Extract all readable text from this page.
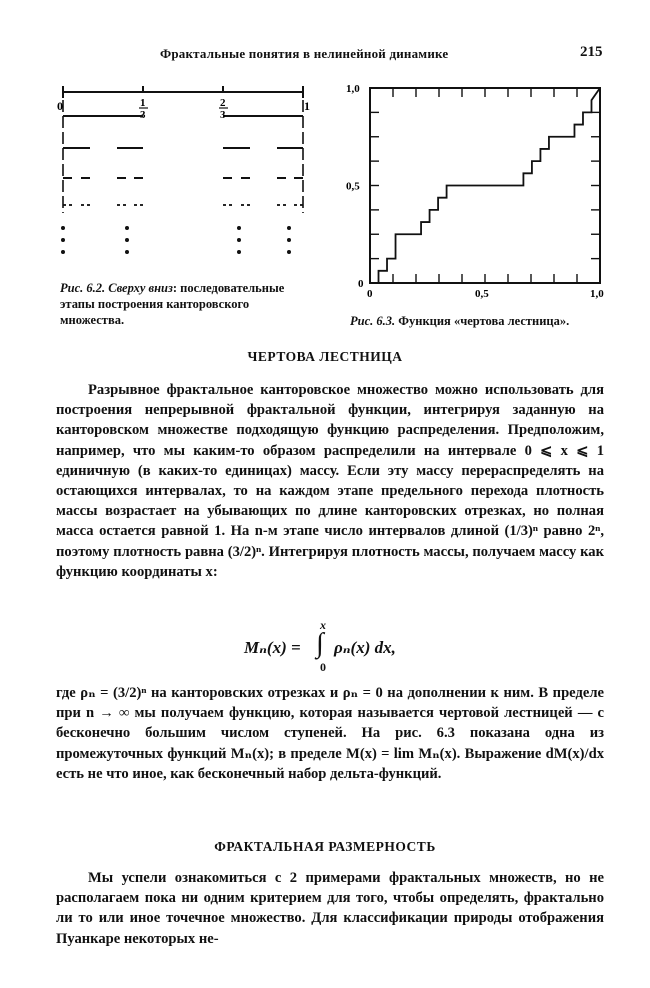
Фрактальные понятия в нелинейной динамике	215
0	1
3
2
3
1
Рис. 6.2. Сверху вниз: последовательные этапы построения канторовского множества.
0	0,5	1,0
0
0,5
1,0
Рис. 6.3. Функция «чертова лестница».
ЧЕРТОВА ЛЕСТНИЦА

Разрывное фрактальное канторовское множество можно использовать для построения непрерывной фрактальной функции, интегрируя заданную на канторовском множестве подходящую функцию распределения. Предположим, например, что мы каким-то образом распределили на интервале 0 ⩽ x ⩽ 1 единичную (в каких-то единицах) массу. Если эту массу перераспределять на остающихся интервалах, то на каждом этапе предельного перехода плотность массы возрастает на убывающих по длине канторовских отрезках, но полная масса остается равной 1. На n-м этапе число интервалов длиной (1/3)ⁿ равно 2ⁿ, поэтому плотность равна (3/2)ⁿ. Интегрируя плотность массы, получаем массу как функцию координаты x:

Mₙ(x) =
x
∫
0
ρₙ(x) dx,

где ρₙ = (3/2)ⁿ на канторовских отрезках и ρₙ = 0 на дополнении к ним. В пределе при n → ∞ мы получаем функцию, которая называется чертовой лестницей — с бесконечно большим числом ступеней. На рис. 6.3 показана одна из промежуточных функций Mₙ(x); в пределе M(x) = lim Mₙ(x). Выражение dM(x)/dx есть не что иное, как бесконечный набор дельта-функций.

ФРАКТАЛЬНАЯ РАЗМЕРНОСТЬ

Мы успели ознакомиться с 2 примерами фрактальных множеств, но не располагаем пока ни одним критерием для того, чтобы определять, фрактально ли то или иное точечное множество. Для классификации природы отображения Пуанкаре некоторых не-
